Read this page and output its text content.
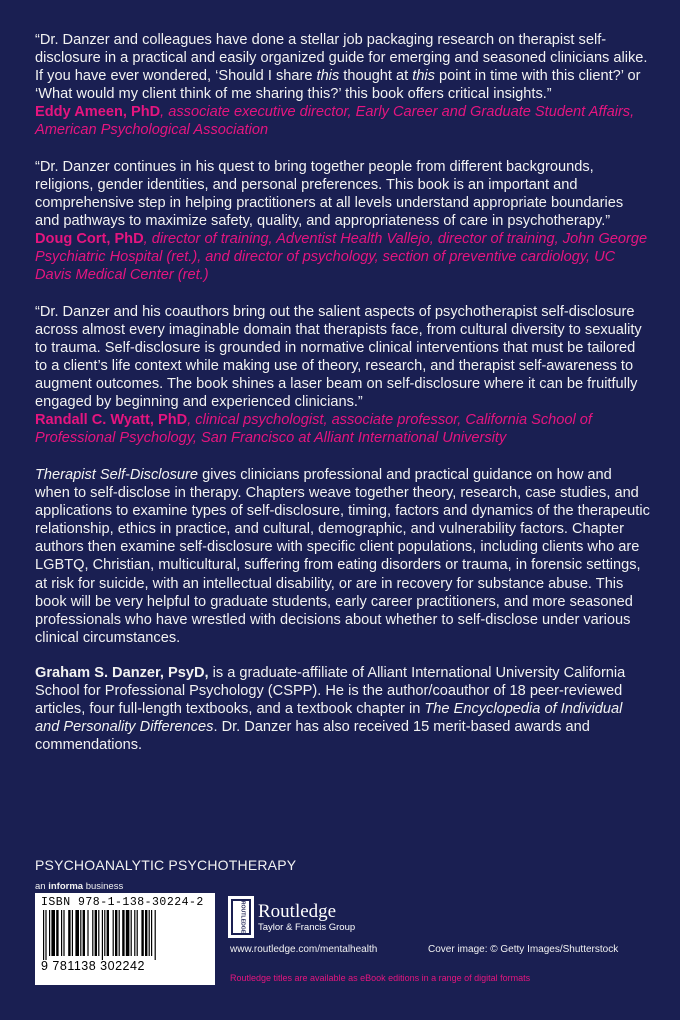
“Dr. Danzer and colleagues have done a stellar job packaging research on therapist self-disclosure in a practical and easily organized guide for emerging and seasoned clinicians alike. If you have ever wondered, ‘Should I share this thought at this point in time with this client?’ or ‘What would my client think of me sharing this?’ this book offers critical insights.”

Eddy Ameen, PhD, associate executive director, Early Career and Graduate Student Affairs, American Psychological Association

“Dr. Danzer continues in his quest to bring together people from different backgrounds, religions, gender identities, and personal preferences. This book is an important and comprehensive step in helping practitioners at all levels understand appropriate boundaries and pathways to maximize safety, quality, and appropriateness of care in psychotherapy.”

Doug Cort, PhD, director of training, Adventist Health Vallejo, director of training, John George Psychiatric Hospital (ret.), and director of psychology, section of preventive cardiology, UC Davis Medical Center (ret.)

“Dr. Danzer and his coauthors bring out the salient aspects of psychotherapist self-disclosure across almost every imaginable domain that therapists face, from cultural diversity to sexuality to trauma. Self-disclosure is grounded in normative clinical interventions that must be tailored to a client’s life context while making use of theory, research, and therapist self-awareness to augment outcomes. The book shines a laser beam on self-disclosure where it can be fruitfully engaged by beginning and experienced clinicians.”

Randall C. Wyatt, PhD, clinical psychologist, associate professor, California School of Professional Psychology, San Francisco at Alliant International University

Therapist Self-Disclosure gives clinicians professional and practical guidance on how and when to self-disclose in therapy. Chapters weave together theory, research, case studies, and applications to examine types of self-disclosure, timing, factors and dynamics of the therapeutic relationship, ethics in practice, and cultural, demographic, and vulnerability factors. Chapter authors then examine self-disclosure with specific client populations, including clients who are LGBTQ, Christian, multicultural, suffering from eating disorders or trauma, in forensic settings, at risk for suicide, with an intellectual disability, or are in recovery for substance abuse. This book will be very helpful to graduate students, early career practitioners, and more seasoned professionals who have wrestled with decisions about whether to self-disclose under various clinical circumstances.

Graham S. Danzer, PsyD, is a graduate-affiliate of Alliant International University California School for Professional Psychology (CSPP). He is the author/coauthor of 18 peer-reviewed articles, four full-length textbooks, and a textbook chapter in The Encyclopedia of Individual and Personality Differences. Dr. Danzer has also received 15 merit-based awards and commendations.

PSYCHOANALYTIC PSYCHOTHERAPY
an informa business
ISBN 978-1-138-30224-2
9 781138 302242
ROUTLEDGE Routledge
Taylor & Francis Group
www.routledge.com/mentalhealth	Cover image: © Getty Images/Shutterstock
Routledge titles are available as eBook editions in a range of digital formats
